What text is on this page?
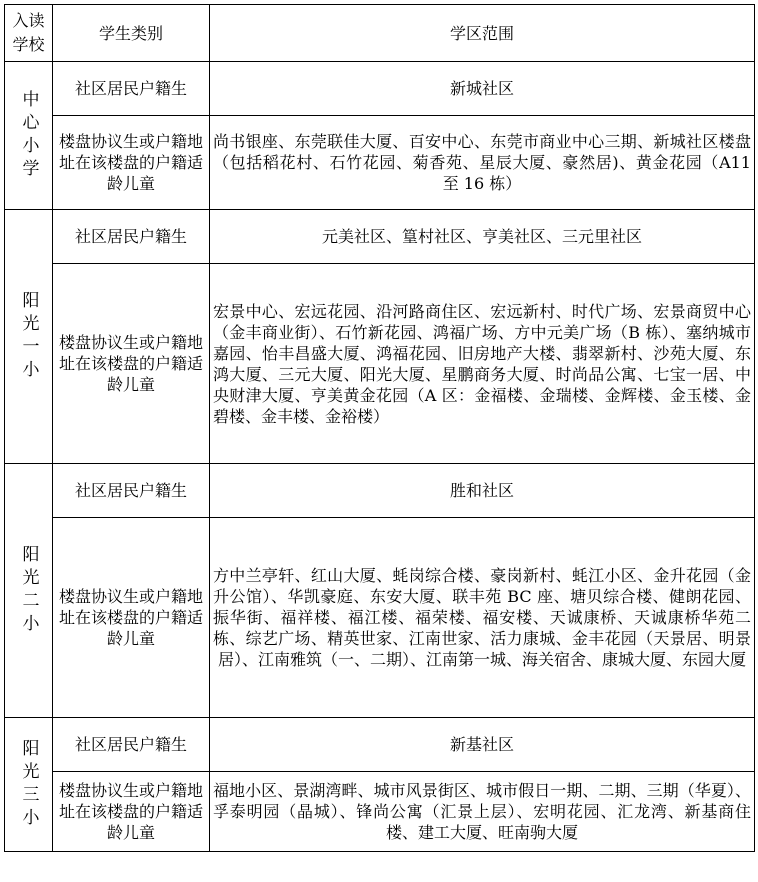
入读学校	学生类别	学区范围

中心小学	社区居民户籍生	新城社区
	楼盘协议生或户籍地址在该楼盘的户籍适龄儿童	尚书银座、东莞联佳大厦、百安中心、东莞市商业中心三期、新城社区楼盘（包括稻花村、石竹花园、菊香苑、星辰大厦、豪然居)、黄金花园（A11 至 16 栋）

阳光一小	社区居民户籍生	元美社区、篁村社区、亨美社区、三元里社区
	楼盘协议生或户籍地址在该楼盘的户籍适龄儿童	宏景中心、宏远花园、沿河路商住区、宏远新村、时代广场、宏景商贸中心（金丰商业街）、石竹新花园、鸿福广场、方中元美广场（B 栋）、塞纳城市嘉园、怡丰昌盛大厦、鸿福花园、旧房地产大楼、翡翠新村、沙苑大厦、东鸿大厦、三元大厦、阳光大厦、星鹏商务大厦、时尚品公寓、七宝一居、中央财津大厦、亨美黄金花园（A 区：金福楼、金瑞楼、金辉楼、金玉楼、金碧楼、金丰楼、金裕楼）

阳光二小	社区居民户籍生	胜和社区
	楼盘协议生或户籍地址在该楼盘的户籍适龄儿童	方中兰亭轩、红山大厦、蚝岗综合楼、豪岗新村、蚝江小区、金升花园（金升公馆）、华凯豪庭、东安大厦、联丰苑 BC 座、塘贝综合楼、健朗花园、振华街、福祥楼、福江楼、福荣楼、福安楼、天诚康桥、天诚康桥华苑二栋、综艺广场、精英世家、江南世家、活力康城、金丰花园（天景居、明景居）、江南雅筑（一、二期）、江南第一城、海关宿舍、康城大厦、东园大厦

阳光三小	社区居民户籍生	新基社区
	楼盘协议生或户籍地址在该楼盘的户籍适龄儿童	福地小区、景湖湾畔、城市风景街区、城市假日一期、二期、三期（华夏）、孚泰明园（晶城）、锋尚公寓（汇景上层）、宏明花园、汇龙湾、新基商住楼、建工大厦、旺南驹大厦
